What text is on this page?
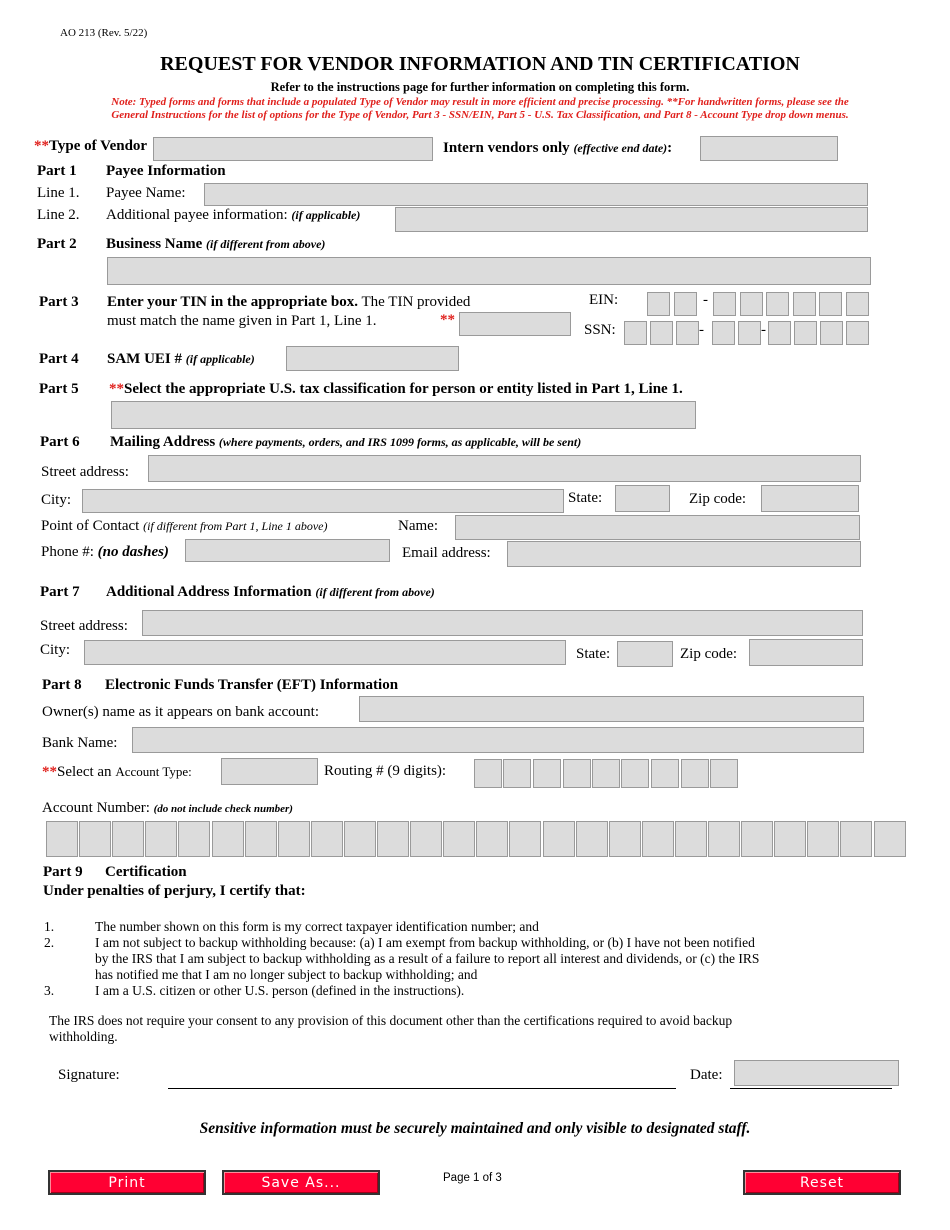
AO 213 (Rev. 5/22)
REQUEST FOR VENDOR INFORMATION AND TIN CERTIFICATION
Refer to the instructions page for further information on completing this form.
Note: Typed forms and forms that include a populated Type of Vendor may result in more efficient and precise processing. **For handwritten forms, please see the
General Instructions for the list of options for the Type of Vendor, Part 3 - SSN/EIN, Part 5 - U.S. Tax Classification, and Part 8 - Account Type drop down menus.
**Type of Vendor	Intern vendors only (effective end date):
Part 1 Payee Information
Line 1. Payee Name:
Line 2. Additional payee information: (if applicable)
Part 2 Business Name (if different from above)
Part 3 Enter your TIN in the appropriate box. The TIN provided
must match the name given in Part 1, Line 1.	**
EIN:
SSN:
-
-	-
Part 4 SAM UEI # (if applicable)
Part 5 **Select the appropriate U.S. tax classification for person or entity listed in Part 1, Line 1.
Part 6 Mailing Address (where payments, orders, and IRS 1099 forms, as applicable, will be sent)
Street address:
City:	State:	Zip code:
Point of Contact (if different from Part 1, Line 1 above)	Name:
Phone #: (no dashes)	Email address:
Part 7 Additional Address Information (if different from above)
Street address:
City:	State:	Zip code:
Part 8 Electronic Funds Transfer (EFT) Information
Owner(s) name as it appears on bank account:
Bank Name:
**Select an Account Type:	Routing # (9 digits):
Account Number: (do not include check number)
Part 9 Certification
Under penalties of perjury, I certify that:
1.	The number shown on this form is my correct taxpayer identification number; and
2.	I am not subject to backup withholding because: (a) I am exempt from backup withholding, or (b) I have not been notified
by the IRS that I am subject to backup withholding as a result of a failure to report all interest and dividends, or (c) the IRS
has notified me that I am no longer subject to backup withholding; and
3.	I am a U.S. citizen or other U.S. person (defined in the instructions).
The IRS does not require your consent to any provision of this document other than the certifications required to avoid backup
withholding.
Signature:	Date:
Sensitive information must be securely maintained and only visible to designated staff.
Print	Save As...	Page 1 of 3	Reset
